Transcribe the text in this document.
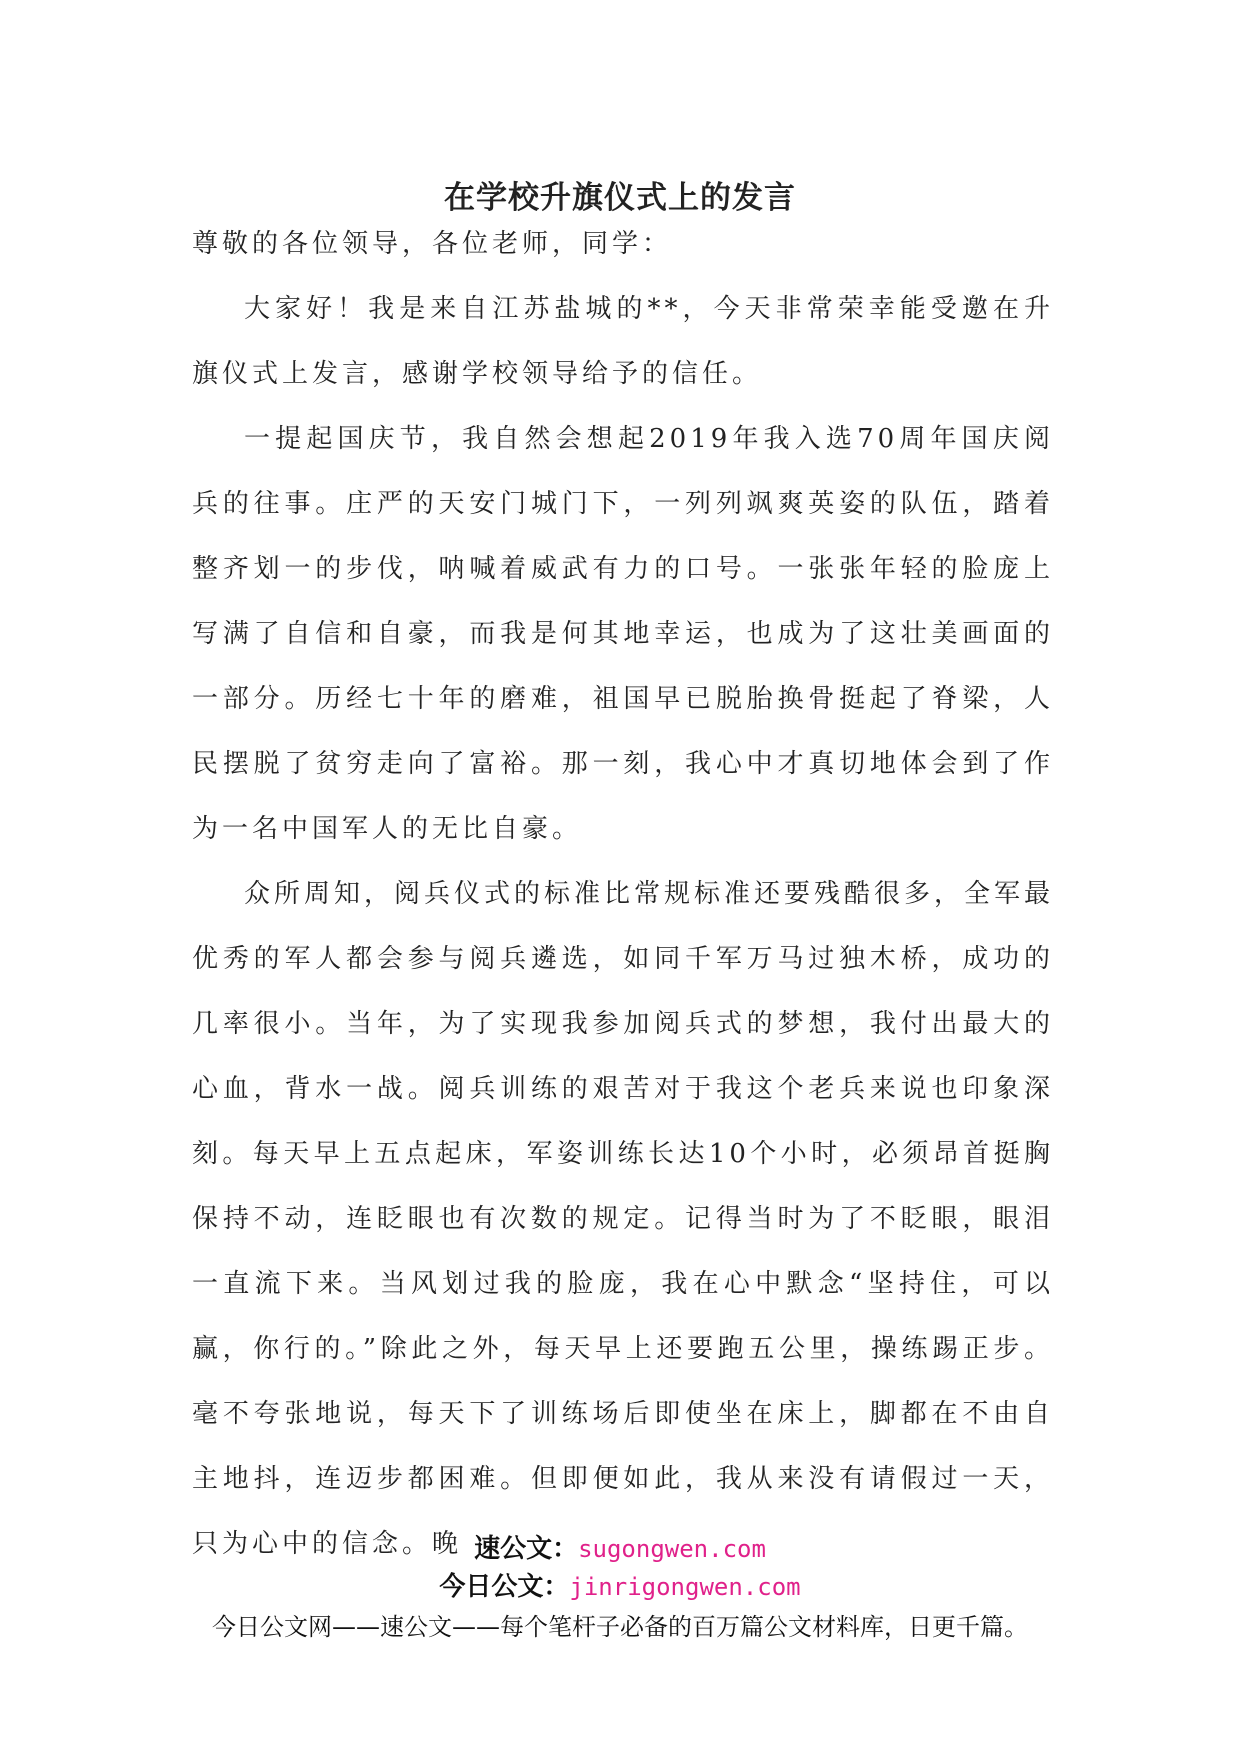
在学校升旗仪式上的发言

尊敬的各位领导，各位老师，同学：

大家好！我是来自江苏盐城的**，今天非常荣幸能受邀在升旗仪式上发言，感谢学校领导给予的信任。

一提起国庆节，我自然会想起2019年我入选70周年国庆阅兵的往事。庄严的天安门城门下，一列列飒爽英姿的队伍，踏着整齐划一的步伐，呐喊着威武有力的口号。一张张年轻的脸庞上写满了自信和自豪，而我是何其地幸运，也成为了这壮美画面的一部分。历经七十年的磨难，祖国早已脱胎换骨挺起了脊梁，人民摆脱了贫穷走向了富裕。那一刻，我心中才真切地体会到了作为一名中国军人的无比自豪。

众所周知，阅兵仪式的标准比常规标准还要残酷很多，全军最优秀的军人都会参与阅兵遴选，如同千军万马过独木桥，成功的几率很小。当年，为了实现我参加阅兵式的梦想，我付出最大的心血，背水一战。阅兵训练的艰苦对于我这个老兵来说也印象深刻。每天早上五点起床，军姿训练长达10个小时，必须昂首挺胸保持不动，连眨眼也有次数的规定。记得当时为了不眨眼，眼泪一直流下来。当风划过我的脸庞，我在心中默念“坚持住，可以赢，你行的。”除此之外，每天早上还要跑五公里，操练踢正步。毫不夸张地说，每天下了训练场后即使坐在床上，脚都在不由自主地抖，连迈步都困难。但即便如此，我从来没有请假过一天，只为心中的信念。晚 速公文：sugongwen.com
今日公文：jinrigongwen.com
今日公文网——速公文——每个笔杆子必备的百万篇公文材料库，日更千篇。
